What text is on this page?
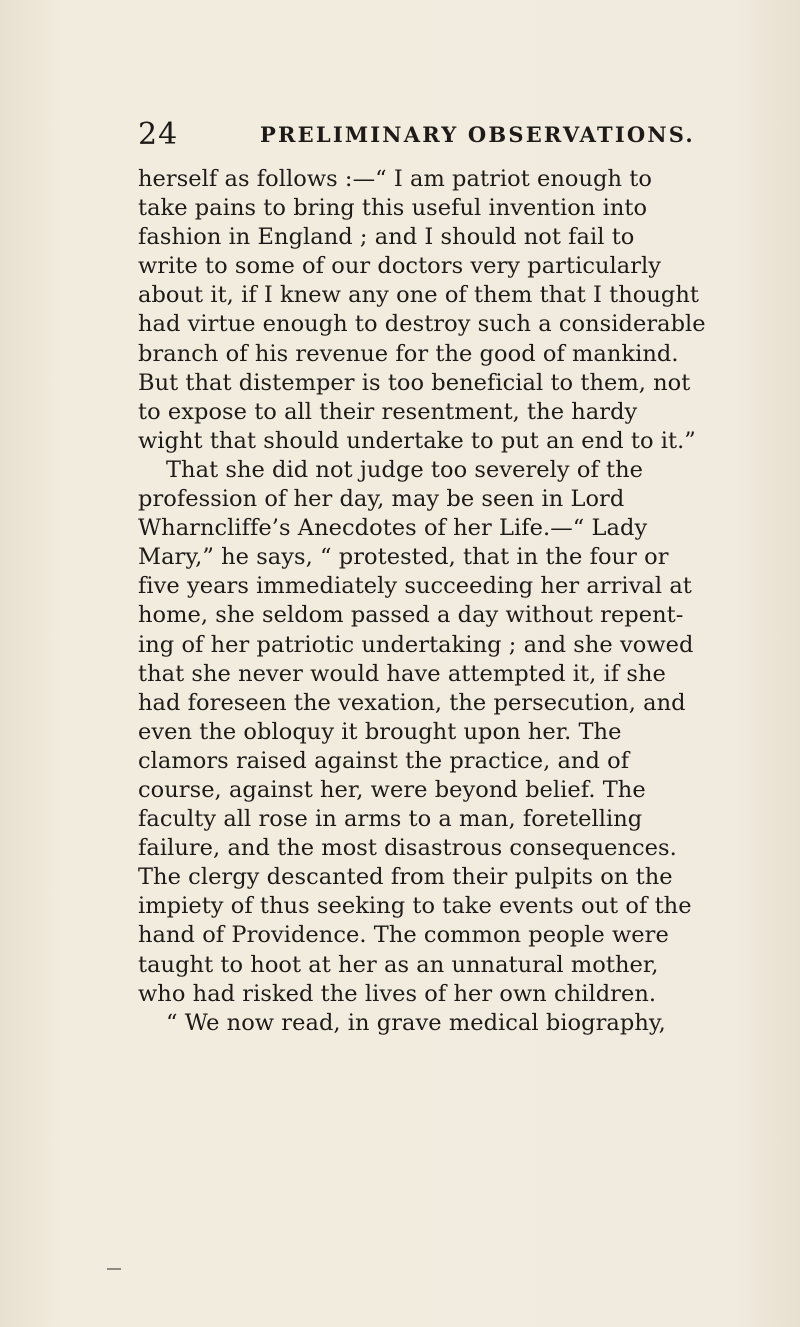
24	PRELIMINARY OBSERVATIONS.
herself as follows :—“ I am patriot enough to
take pains to bring this useful invention into
fashion in England ; and I should not fail to
write to some of our doctors very particularly
about it, if I knew any one of them that I thought
had virtue enough to destroy such a considerable
branch of his revenue for the good of mankind.
But that distemper is too beneficial to them, not
to expose to all their resentment, the hardy
wight that should undertake to put an end to it.”
That she did not judge too severely of the
profession of her day, may be seen in Lord
Wharncliffe’s Anecdotes of her Life.—“ Lady
Mary,” he says, “ protested, that in the four or
five years immediately succeeding her arrival at
home, she seldom passed a day without repent-
ing of her patriotic undertaking ; and she vowed
that she never would have attempted it, if she
had foreseen the vexation, the persecution, and
even the obloquy it brought upon her. The
clamors raised against the practice, and of
course, against her, were beyond belief. The
faculty all rose in arms to a man, foretelling
failure, and the most disastrous consequences.
The clergy descanted from their pulpits on the
impiety of thus seeking to take events out of the
hand of Providence. The common people were
taught to hoot at her as an unnatural mother,
who had risked the lives of her own children.
“ We now read, in grave medical biography,
